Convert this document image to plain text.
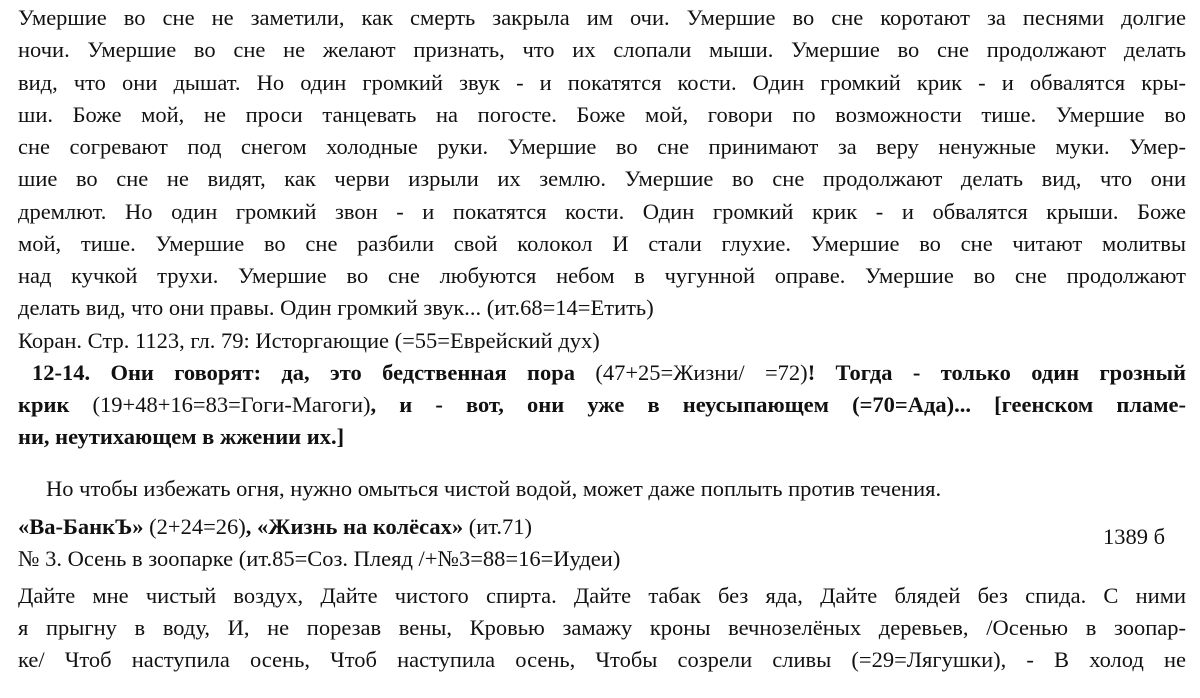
Умершие во сне не заметили, как смерть закрыла им очи. Умершие во сне коротают за песнями долгие
ночи. Умершие во сне не желают признать, что их слопали мыши. Умершие во сне продолжают делать
вид, что они дышат. Но один громкий звук - и покатятся кости. Один громкий крик - и обвалятся кры-
ши. Боже мой, не проси танцевать на погосте. Боже мой, говори по возможности тише. Умершие во
сне согревают под снегом холодные руки. Умершие во сне принимают за веру ненужные муки. Умер-
шие во сне не видят, как черви изрыли их землю. Умершие во сне продолжают делать вид, что они
дремлют. Но один громкий звон - и покатятся кости. Один громкий крик - и обвалятся крыши. Боже
мой, тише. Умершие во сне разбили свой колокол И стали глухие. Умершие во сне читают молитвы
над кучкой трухи. Умершие во сне любуются небом в чугунной оправе. Умершие во сне продолжают
делать вид, что они правы. Один громкий звук... (ит.68=14=Етить)
Коран. Стр. 1123, гл. 79: Исторгающие (=55=Еврейский дух)
12-14. Они говорят: да, это бедственная пора (47+25=Жизни/ =72)! Тогда - только один грозный
крик (19+48+16=83=Гоги-Магоги), и - вот, они уже в неусыпающем (=70=Ада)... [геенском пламе-
ни, неутихающем в жжении их.]
Но чтобы избежать огня, нужно омыться чистой водой, может даже поплыть против течения.
«Ва-БанкЪ» (2+24=26), «Жизнь на колёсах» (ит.71)	1389 б
№ 3. Осень в зоопарке (ит.85=Соз. Плеяд /+№3=88=16=Иудеи)
Дайте мне чистый воздух, Дайте чистого спирта. Дайте табак без яда, Дайте блядей без спида. С ними
я прыгну в воду, И, не порезав вены, Кровью замажу кроны вечнозелёных деревьев, /Осенью в зоопар-
ке/ Чтоб наступила осень, Чтоб наступила осень, Чтобы созрели сливы (=29=Лягушки), - В холод не
